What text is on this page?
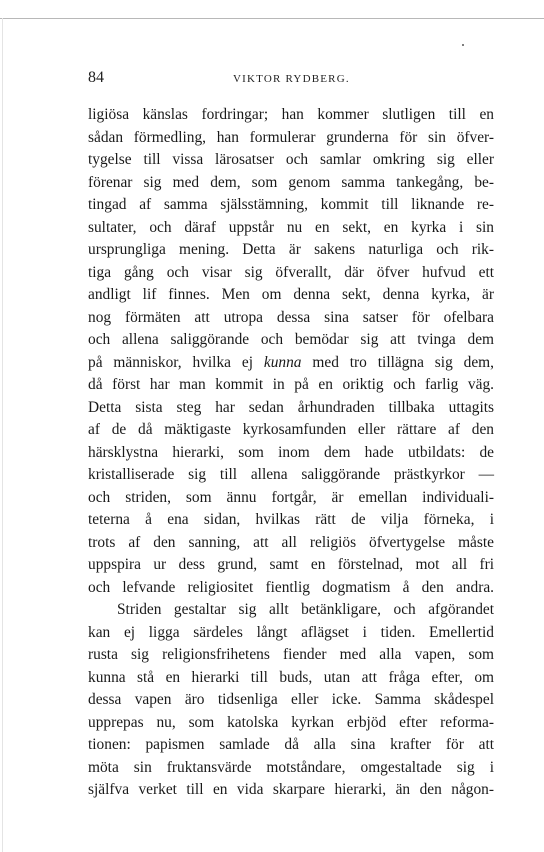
84	VIKTOR RYDBERG.
ligiösa känslas fordringar; han kommer slutligen till en
sådan förmedling, han formulerar grunderna för sin öfver-
tygelse till vissa lärosatser och samlar omkring sig eller
förenar sig med dem, som genom samma tankegång, be-
tingad af samma själsstämning, kommit till liknande re-
sultater, och däraf uppstår nu en sekt, en kyrka i sin
ursprungliga mening. Detta är sakens naturliga och rik-
tiga gång och visar sig öfverallt, där öfver hufvud ett
andligt lif finnes. Men om denna sekt, denna kyrka, är
nog förmäten att utropa dessa sina satser för ofelbara
och allena saliggörande och bemödar sig att tvinga dem
på människor, hvilka ej kunna med tro tillägna sig dem,
då först har man kommit in på en oriktig och farlig väg.
Detta sista steg har sedan århundraden tillbaka uttagits
af de då mäktigaste kyrkosamfunden eller rättare af den
härsklystna hierarki, som inom dem hade utbildats: de
kristalliserade sig till allena saliggörande prästkyrkor —
och striden, som ännu fortgår, är emellan individuali-
teterna å ena sidan, hvilkas rätt de vilja förneka, i
trots af den sanning, att all religiös öfvertygelse måste
uppspira ur dess grund, samt en förstelnad, mot all fri
och lefvande religiositet fientlig dogmatism å den andra.
Striden gestaltar sig allt betänkligare, och afgörandet
kan ej ligga särdeles långt aflägset i tiden. Emellertid
rusta sig religionsfrihetens fiender med alla vapen, som
kunna stå en hierarki till buds, utan att fråga efter, om
dessa vapen äro tidsenliga eller icke. Samma skådespel
upprepas nu, som katolska kyrkan erbjöd efter reforma-
tionen: papismen samlade då alla sina krafter för att
möta sin fruktansvärde motståndare, omgestaltade sig i
själfva verket till en vida skarpare hierarki, än den någon-
